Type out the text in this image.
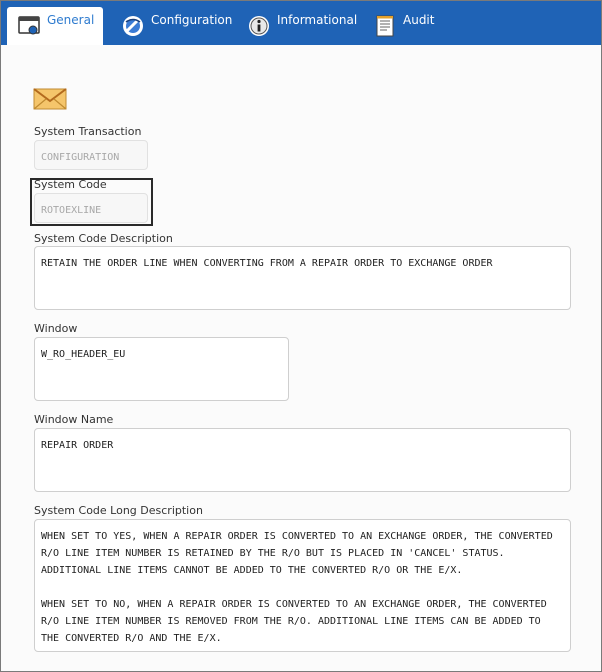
General	Configuration	Informational	Audit
System Transaction
CONFIGURATION
System Code
ROTOEXLINE
System Code Description
RETAIN THE ORDER LINE WHEN CONVERTING FROM A REPAIR ORDER TO EXCHANGE ORDER
Window
W_RO_HEADER_EU
Window Name
REPAIR ORDER
System Code Long Description
WHEN SET TO YES, WHEN A REPAIR ORDER IS CONVERTED TO AN EXCHANGE ORDER, THE CONVERTED R/O LINE ITEM NUMBER IS RETAINED BY THE R/O BUT IS PLACED IN 'CANCEL' STATUS. ADDITIONAL LINE ITEMS CANNOT BE ADDED TO THE CONVERTED R/O OR THE E/X.

WHEN SET TO NO, WHEN A REPAIR ORDER IS CONVERTED TO AN EXCHANGE ORDER, THE CONVERTED R/O LINE ITEM NUMBER IS REMOVED FROM THE R/O. ADDITIONAL LINE ITEMS CAN BE ADDED TO THE CONVERTED R/O AND THE E/X.
